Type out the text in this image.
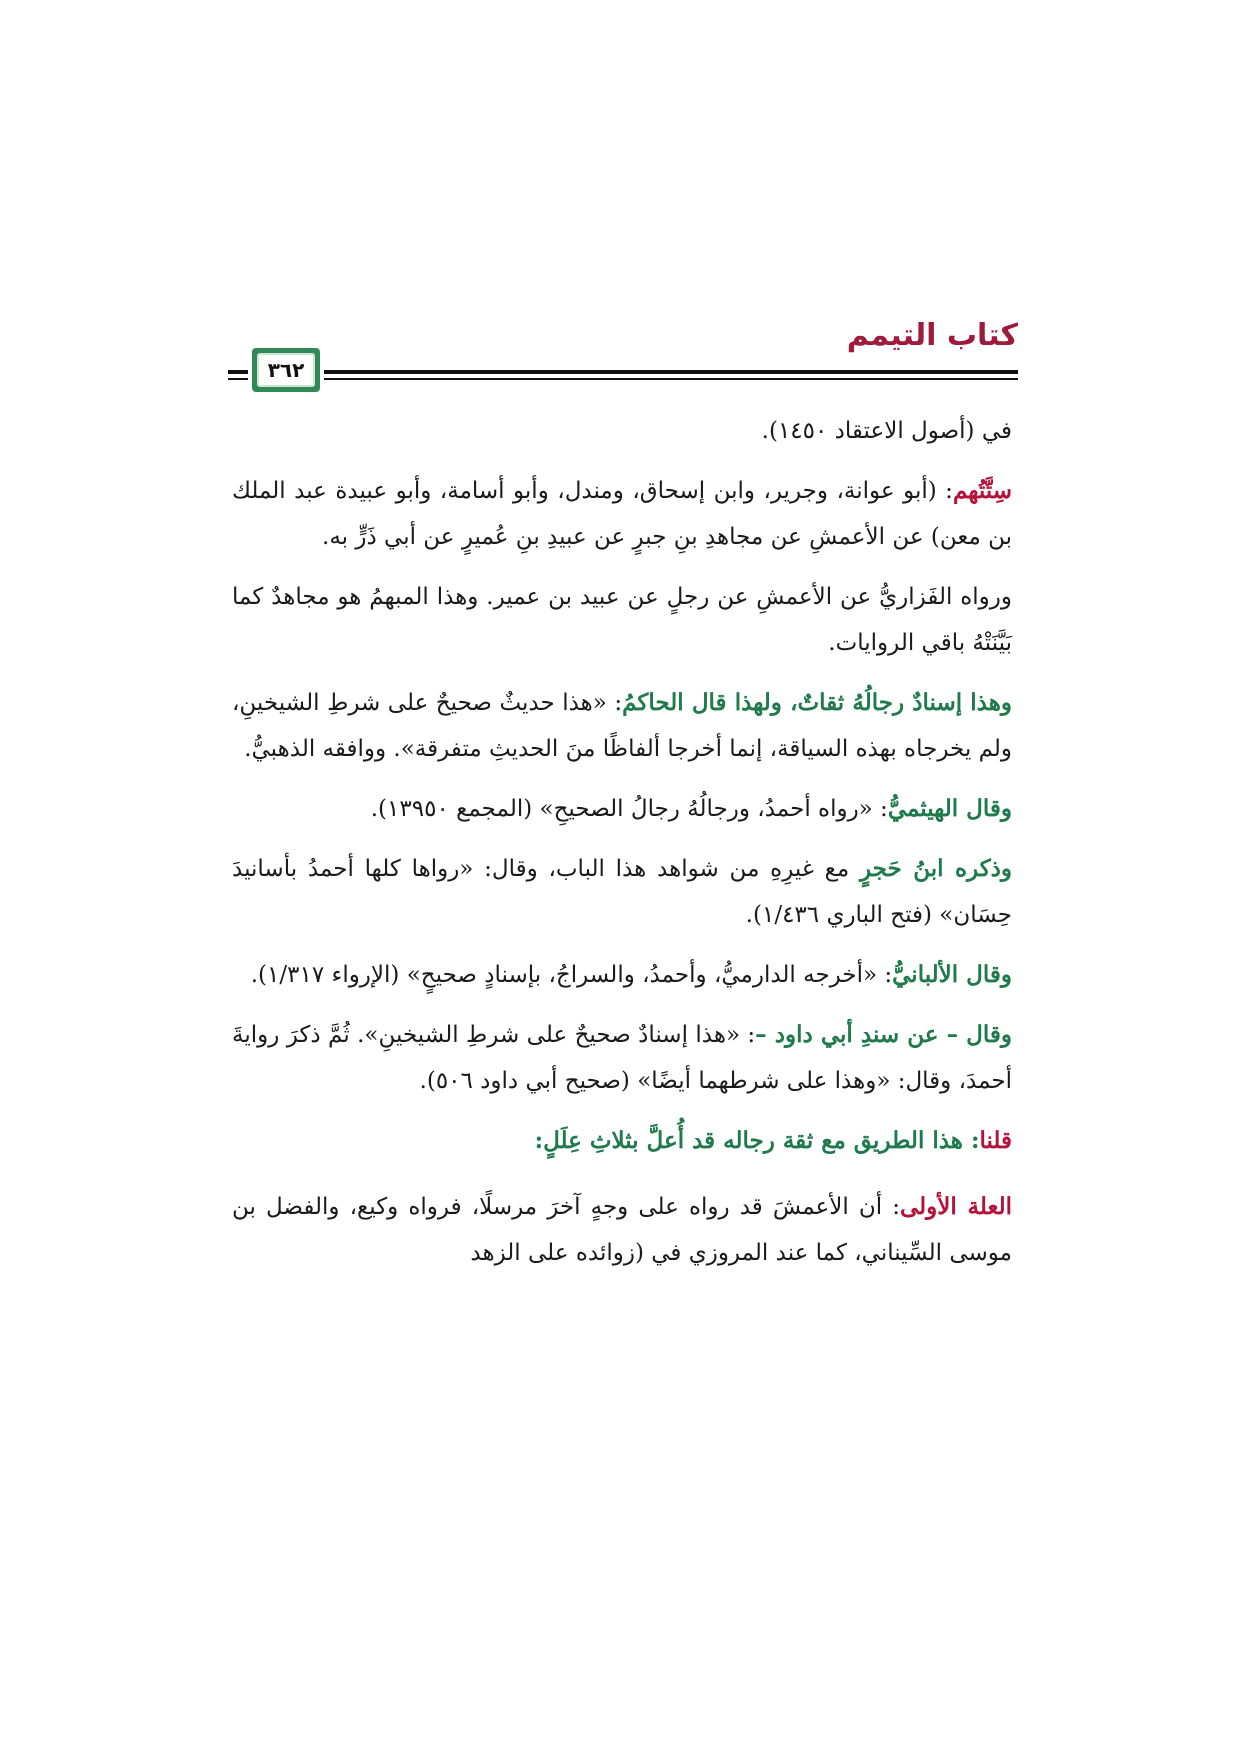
كتاب التيمم
٣٦٢

في (أصول الاعتقاد ١٤٥٠).

سِتَّتُهم: (أبو عوانة، وجرير، وابن إسحاق، ومندل، وأبو أسامة، وأبو عبيدة عبد الملك بن معن) عن الأعمشِ عن مجاهدِ بنِ جبرٍ عن عبيدِ بنِ عُميرٍ عن أبي ذَرٍّ به.

ورواه الفَزاريُّ عن الأعمشِ عن رجلٍ عن عبيد بن عمير. وهذا المبهمُ هو مجاهدٌ كما بَيَّنَتْهُ باقي الروايات.

وهذا إسنادٌ رجالُهُ ثقاتٌ، ولهذا قال الحاكمُ: «هذا حديثٌ صحيحٌ على شرطِ الشيخينِ، ولم يخرجاه بهذه السياقة، إنما أخرجا ألفاظًا منَ الحديثِ متفرقة». ووافقه الذهبيُّ.

وقال الهيثميُّ: «رواه أحمدُ، ورجالُهُ رجالُ الصحيحِ» (المجمع ١٣٩٥٠).

وذكره ابنُ حَجرٍ مع غيرِهِ من شواهد هذا الباب، وقال: «رواها كلها أحمدُ بأسانيدَ حِسَان» (فتح الباري ١/٤٣٦).

وقال الألبانيُّ: «أخرجه الدارميُّ، وأحمدُ، والسراجُ، بإسنادٍ صحيحٍ» (الإرواء ١/٣١٧).

وقال – عن سندِ أبي داود –: «هذا إسنادٌ صحيحٌ على شرطِ الشيخينِ». ثُمَّ ذكرَ روايةَ أحمدَ، وقال: «وهذا على شرطهما أيضًا» (صحيح أبي داود ٥٠٦).

قلنا: هذا الطريق مع ثقة رجاله قد أُعلَّ بثلاثِ عِلَلٍ:

العلة الأولى: أن الأعمشَ قد رواه على وجهٍ آخرَ مرسلًا، فرواه وكيع، والفضل بن موسى السِّيناني، كما عند المروزي في (زوائده على الزهد
